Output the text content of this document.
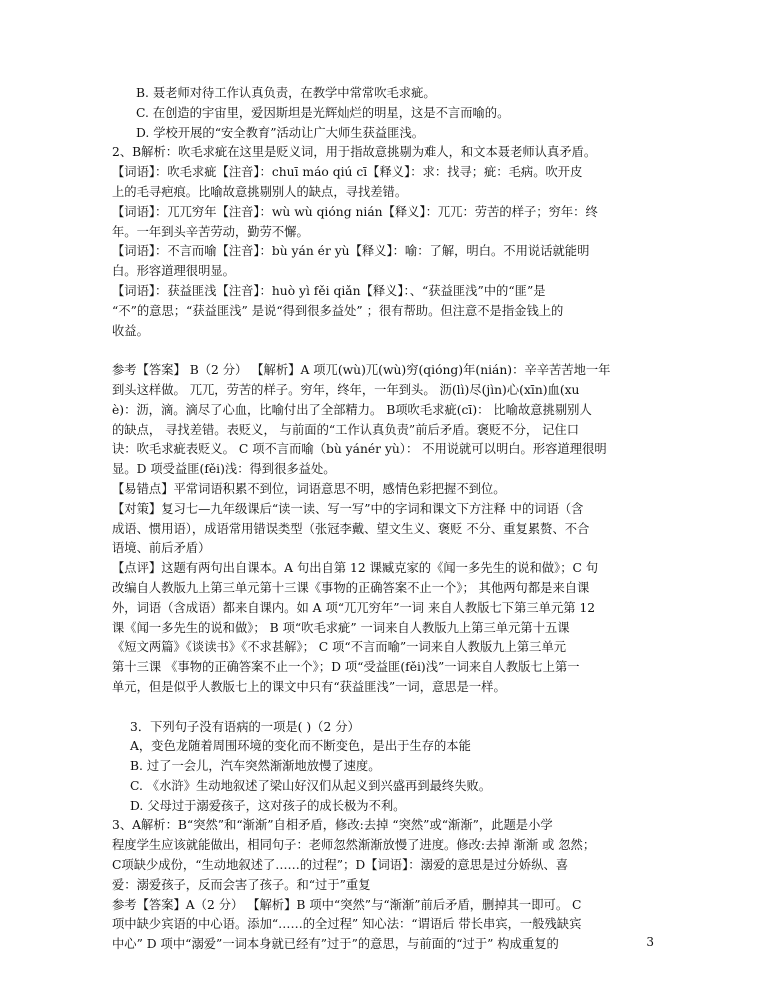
B. 聂老师对待工作认真负责，在教学中常常吹毛求疵。
C. 在创造的宇宙里，爱因斯坦是光辉灿烂的明星，这是不言而喻的。
D. 学校开展的“安全教育”活动让广大师生获益匪浅。
2、B解析：吹毛求疵在这里是贬义词，用于指故意挑剔为难人，和文本聂老师认真矛盾。
【词语】：吹毛求疵【注音】：chuī máo qiú cī【释义】：求：找寻；疵：毛病。吹开皮
上的毛寻疤痕。比喻故意挑剔别人的缺点，寻找差错。
【词语】：兀兀穷年【注音】：wù wù qióng nián【释义】：兀兀：劳苦的样子；穷年：终
年。一年到头辛苦劳动，勤劳不懈。
【词语】：不言而喻【注音】：bù yán ér yù【释义】：喻：了解，明白。不用说话就能明
白。形容道理很明显。
【词语】：获益匪浅【注音】：huò yì fěi qiǎn【释义】：、“获益匪浅”中的“匪”是
“不”的意思；“获益匪浅” 是说“得到很多益处” ；很有帮助。但注意不是指金钱上的
收益。
参考【答案】 B（2 分） 【解析】A 项兀(wù)兀(wù)穷(qióng)年(nián)：辛辛苦苦地一年
到头这样做。 兀兀，劳苦的样子。穷年，终年，一年到头。 沥(lì)尽(jìn)心(xīn)血(xu
è)：沥，滴。滴尽了心血，比喻付出了全部精力。 B项吹毛求疵(cī)： 比喻故意挑剔别人
的缺点， 寻找差错。表贬义， 与前面的“工作认真负责”前后矛盾。褒贬不分， 记住口
诀：吹毛求疵表贬义。 C 项不言而喻（bù yánér yù）： 不用说就可以明白。形容道理很明
显。D 项受益匪(fěi)浅：得到很多益处。
【易错点】平常词语积累不到位，词语意思不明，感情色彩把握不到位。
【对策】复习七—九年级课后“读一读、写一写”中的字词和课文下方注释 中的词语（含
成语、惯用语），成语常用错误类型（张冠李戴、望文生义、褒贬 不分、重复累赘、不合
语境、前后矛盾）
【点评】这题有两句出自课本。A 句出自第 12 课臧克家的《闻一多先生的说和做》；C 句
改编自人教版九上第三单元第十三课《事物的正确答案不止一个》； 其他两句都是来自课
外，词语（含成语）都来自课内。如 A 项“兀兀穷年”一词 来自人教版七下第三单元第 12
课《闻一多先生的说和做》； B 项“吹毛求疵” 一词来自人教版九上第三单元第十五课
《短文两篇》《谈读书》《不求甚解》； C 项“不言而喻”一词来自人教版九上第三单元
第十三课 《事物的正确答案不止一个》；D 项“受益匪(fěi)浅”一词来自人教版七上第一
单元，但是似乎人教版七上的课文中只有“获益匪浅”一词，意思是一样。
3．下列句子没有语病的一项是( )（2 分）
A，变色龙随着周围环境的变化而不断变色，是出于生存的本能
B. 过了一会儿，汽车突然渐渐地放慢了速度。
C. 《水浒》生动地叙述了梁山好汉们从起义到兴盛再到最终失败。
D. 父母过于溺爱孩子，这对孩子的成长极为不利。
3、A解析：B“突然”和“渐渐”自相矛盾，修改:去掉 “突然”或“渐渐”，此题是小学
程度学生应该就能做出，相同句子：老师忽然渐渐放慢了进度。修改:去掉 渐渐 或 忽然；
C项缺少成份，“生动地叙述了……的过程”；D【词语】：溺爱的意思是过分娇纵、喜
爱：溺爱孩子，反而会害了孩子。和“过于”重复
参考【答案】A（2 分） 【解析】B 项中“突然”与“渐渐”前后矛盾，删掉其一即可。 C
项中缺少宾语的中心语。添加“……的全过程” 知心法：“谓语后 带长串宾，一般残缺宾
中心” D 项中“溺爱”一词本身就已经有”过于”的意思，与前面的“过于” 构成重复的	3
